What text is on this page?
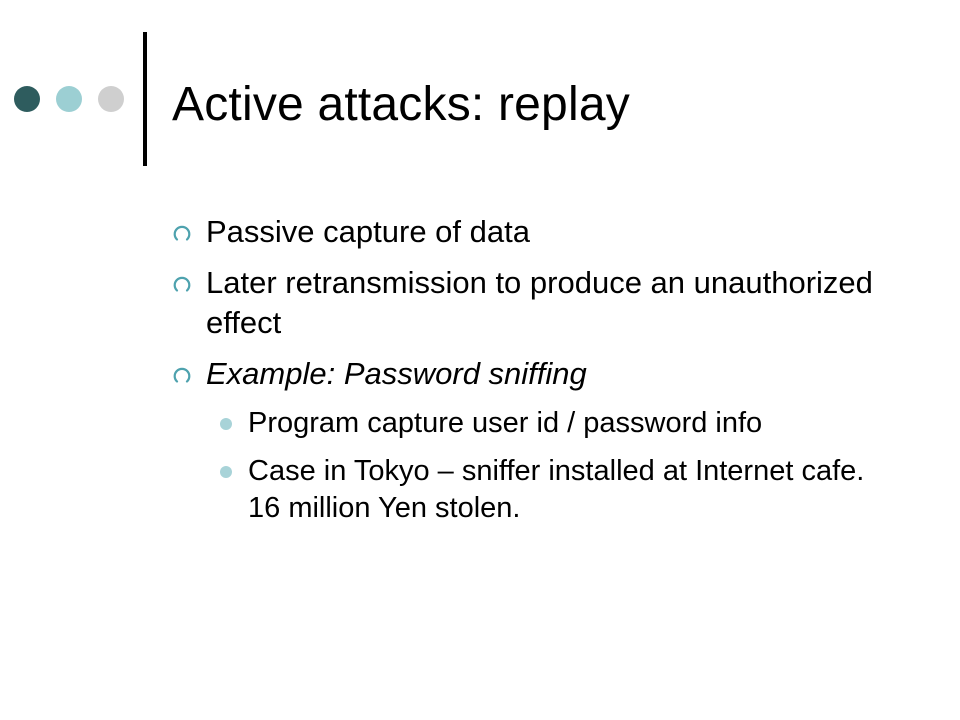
Active attacks: replay
Passive capture of data
Later retransmission to produce an unauthorized effect
Example: Password sniffing
Program capture user id / password info
Case in Tokyo – sniffer installed at Internet cafe. 16 million Yen stolen.
